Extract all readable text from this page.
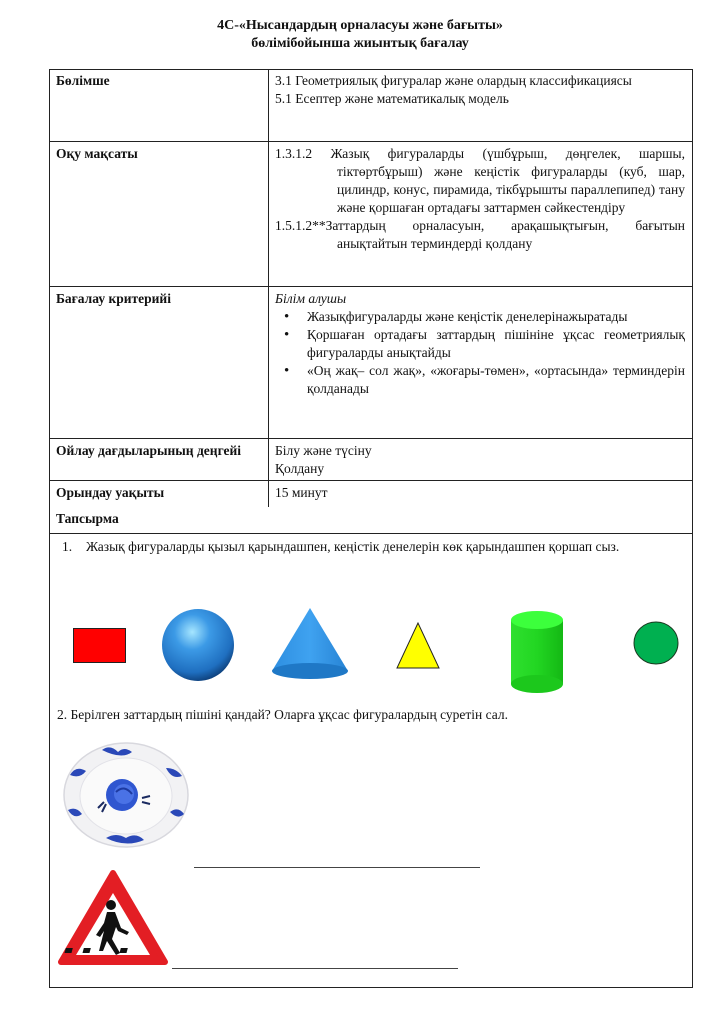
4С-«Нысандардың орналасуы және бағыты»
бөлімібойынша жиынтық бағалау
Бөлімше	3.1 Геометриялық фигуралар және олардың классификациясы
5.1 Есептер және математикалық модель
Оқу мақсаты	1.3.1.2 Жазық фигураларды (үшбұрыш, дөңгелек, шаршы, тіктөртбұрыш) және кеңістік фигураларды (куб, шар, цилиндр, конус, пирамида, тікбұрышты параллепипед) тану және қоршаған ортадағы заттармен сәйкестендіру
1.5.1.2**Заттардың орналасуын, арақашықтығын, бағытын анықтайтын терминдерді қолдану
Бағалау критерийі	Білім алушы
• Жазықфигураларды және кеңістік денелерінажыратады
• Қоршаған ортадағы заттардың пішініне ұқсас геометриялық фигураларды анықтайды
• «Оң жақ– сол жақ», «жоғары-төмен», «ортасында» терминдерін қолданады
Ойлау дағдыларының деңгейі	Білу және түсіну
Қолдану
Орындау уақыты	15 минут
Тапсырма
1. Жазық фигураларды қызыл қарындашпен, кеңістік денелерін көк қарындашпен қоршап сыз.
2. Берілген заттардың пішіні қандай? Оларға ұқсас фигуралардың суретін сал.
